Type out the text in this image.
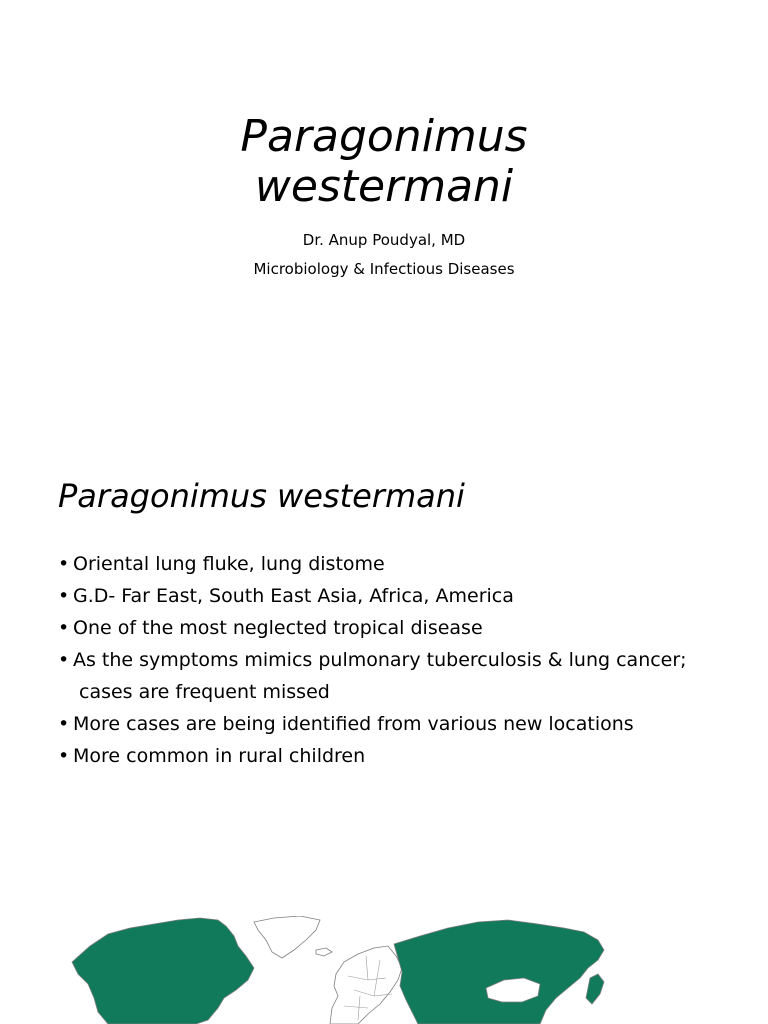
Paragonimus
westermani

Dr. Anup Poudyal, MD

Microbiology & Infectious Diseases

Paragonimus westermani
• Oriental lung fluke, lung distome
• G.D- Far East, South East Asia, Africa, America
• One of the most neglected tropical disease
• As the symptoms mimics pulmonary tuberculosis & lung cancer;
cases are frequent missed
• More cases are being identified from various new locations
• More common in rural children
